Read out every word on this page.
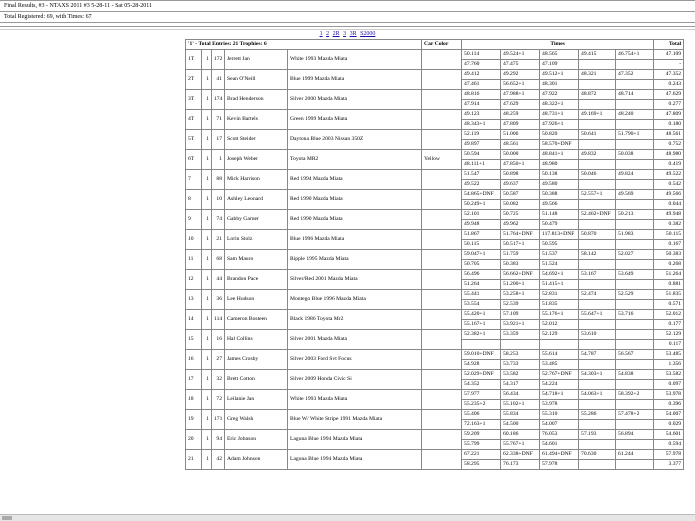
Final Results, #3 - NTAXS 2011 #3 5-28-11 - Sat 05-28-2011
Total Registered: 69, with Times: 67
1 2 2R 3 3R S2000
'1' - Total Entries: 21 Trophies: 6					Car Color	Times					Total
1T	1	172	Jerrett Jan	White 1993 Mazda Miata		50.114	49.524+1	48.565	49.415	46.754+1	47.109
						47.760	47.475	47.109			-
2T	1	41	Sean O'Neill	Blue 1999 Mazda Miata		49.412	49.292	49.512+1	48.321	47.352	47.352
						47.461	56.652+1	48.301			0.243
3T	1	174	Brad Henderson	Silver 2000 Mazda Miata		48.816	47.988+1	47.922	48.872	48.714	47.629
						47.914	47.629	48.322+1			0.277
4T	1	71	Kevin Bartels	Green 1999 Mazda Miata		49.123	48.259	48.731+1	49.169+1	48.240	47.809
						48.343+1	47.809	47.926+1			0.180
5T	1	17	Scott Steider	Daytona Blue 2003 Nissan 350Z		52.119	51.006	50.820	50.641	51.790+1	48.561
						49.897	48.561	58.570+DNF			0.752
6T	1	1	Joseph Weber	Toyota MR2	Yellow	50.594	50.000	48.841+1	49.832	50.038	48.980
						48.111+1	47.850+1	48.980			0.419
7	1	88	Mick Harrison	Red 1994 Mazda Miata		51.547	50.898	50.138	50.046	49.824	49.522
						49.522	49.637	49.580			0.542
8	1	10	Ashley Leonard	Red 1990 Mazda Miata		54.865+DNF	50.587	50.388	52.557+1	49.569	49.566
						50.249+1	50.082	49.566			0.044
9	1	74	Gabby Garner	Red 1990 Mazda Miata		52.101	50.725	51.148	52.462+DNF	50.213	49.948
						49.948	49.962	50.479			0.382
10	1	21	Lorin Stolz	Blue 1996 Mazda Miata		51.867	51.764+DNF	117.813+DNF	50.870	51.983	50.115
						50.115	50.517+1	50.595			0.167
11	1	68	Sam Mauro	Ripple 1995 Mazda Miata		59.047+1	51.759	51.537	58.142	52.027	50.383
						50.705	50.383	51.524			0.268
12	1	44	Brandon Pace	Silver/Red 2001 Mazda Miata		56.496	56.662+DNF	54.692+1	53.167	53.649	51.264
						51.264	51.200+1	51.415+1			0.881
13	1	36	Lee Hudson	Montego Blue 1996 Mazda Miata		55.441	53.258+1	52.831	52.474	52.529	51.835
						53.554	52.539	51.835			0.571
14	1	114	Cameron Bosteen	Black 1986 Toyota Mr2		55.420+1	57.109	55.176+1	55.647+1	53.716	52.012
						55.167+1	53.921+1	52.012			0.177
15	1	16	Hal Collins	Silver 2001 Mazda Miata		52.382+1	53.359	52.129	53.610		52.129
											0.117
16	1	27	James Crosby	Silver 2003 Ford Svt Focus		59.010+DNF	58.253	55.614	54.787	56.567	53.485
						54.928	53.733	53.485			1.356
17	1	32	Brett Cotton	Silver 2009 Honda Civic Si		52.029+DNF	53.582	52.767+DNF	54.303+1	54.838	53.582
						54.352	54.317	54.224			0.097
18	1	72	Leilanie Jan	White 1993 Mazda Miata		57.977	56.434	54.718+1	54.063+1	58.392+2	53.978
						55.235+2	55.102+1	53.978			0.396
19	1	171	Greg Walsh	Blue W/ White Stripe 1991 Mazda Miata		55.406	55.834	55.310	55.286	57.478+2	54.007
						72.163+1	54.500	54.007			0.029
20	1	94	Eric Johnson	Laguna Blue 1994 Mazda Miata		59.209	60.186	76.053	57.193	56.894	54.601
						55.799	55.767+1	54.601			0.594
21	1	42	Adam Johnson	Laguna Blue 1994 Mazda Miata		67.221	62.338+DNF	61.494+DNF	70.630	61.244	57.978
						58.295	76.173	57.978			3.377
